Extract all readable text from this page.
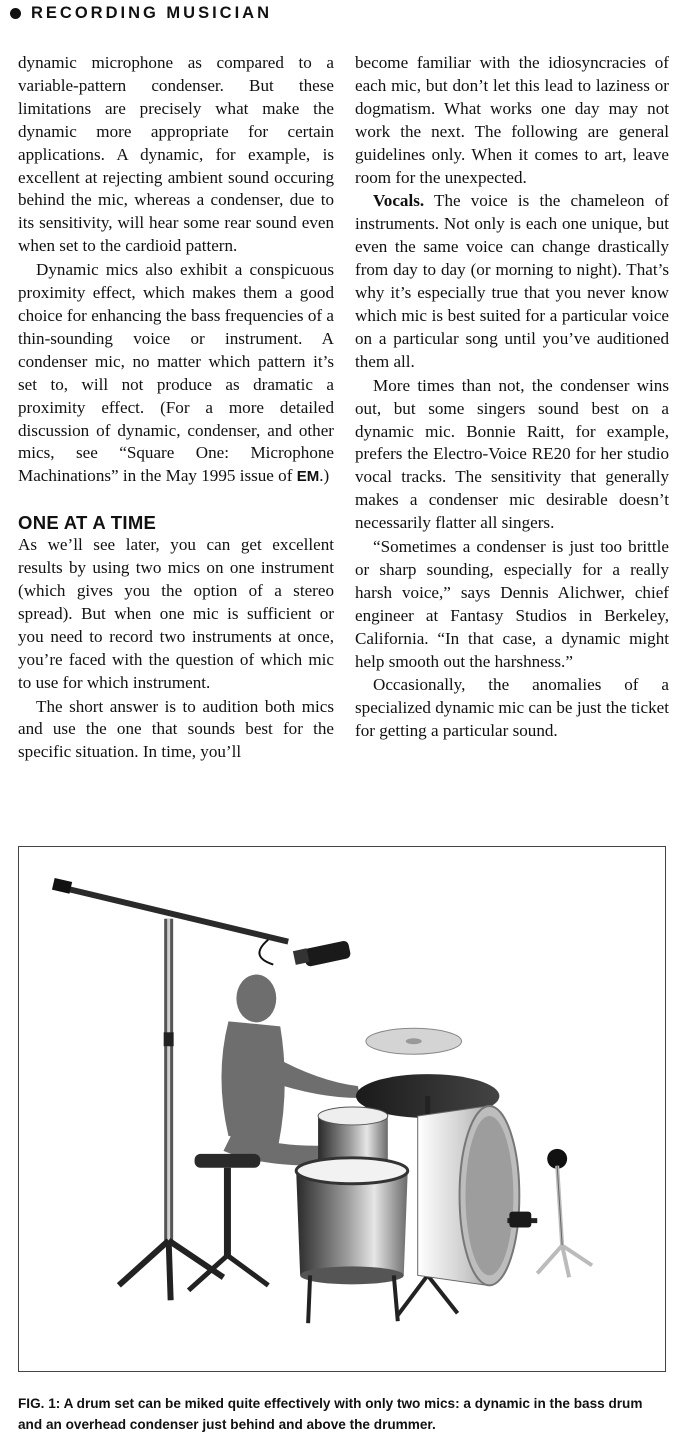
RECORDING MUSICIAN

dynamic microphone as compared to a variable-pattern condenser. But these limitations are precisely what make the dynamic more appropriate for certain applications. A dynamic, for example, is excellent at rejecting ambient sound occuring behind the mic, whereas a condenser, due to its sensitivity, will hear some rear sound even when set to the cardioid pattern.

Dynamic mics also exhibit a conspicuous proximity effect, which makes them a good choice for enhancing the bass frequencies of a thin-sounding voice or instrument. A condenser mic, no matter which pattern it’s set to, will not produce as dramatic a proximity effect. (For a more detailed discussion of dynamic, condenser, and other mics, see “Square One: Microphone Machinations” in the May 1995 issue of EM.)

ONE AT A TIME

As we’ll see later, you can get excellent results by using two mics on one instrument (which gives you the option of a stereo spread). But when one mic is sufficient or you need to record two instruments at once, you’re faced with the question of which mic to use for which instrument.

The short answer is to audition both mics and use the one that sounds best for the specific situation. In time, you’ll

become familiar with the idiosyncracies of each mic, but don’t let this lead to laziness or dogmatism. What works one day may not work the next. The following are general guidelines only. When it comes to art, leave room for the unexpected.

Vocals. The voice is the chameleon of instruments. Not only is each one unique, but even the same voice can change drastically from day to day (or morning to night). That’s why it’s especially true that you never know which mic is best suited for a particular voice on a particular song until you’ve auditioned them all.

More times than not, the condenser wins out, but some singers sound best on a dynamic mic. Bonnie Raitt, for example, prefers the Electro-Voice RE20 for her studio vocal tracks. The sensitivity that generally makes a condenser mic desirable doesn’t necessarily flatter all singers.

“Sometimes a condenser is just too brittle or sharp sounding, especially for a really harsh voice,” says Dennis Alichwer, chief engineer at Fantasy Studios in Berkeley, California. “In that case, a dynamic might help smooth out the harshness.”

Occasionally, the anomalies of a specialized dynamic mic can be just the ticket for getting a particular sound.

FIG. 1: A drum set can be miked quite effectively with only two mics: a dynamic in the bass drum and an overhead condenser just behind and above the drummer.
